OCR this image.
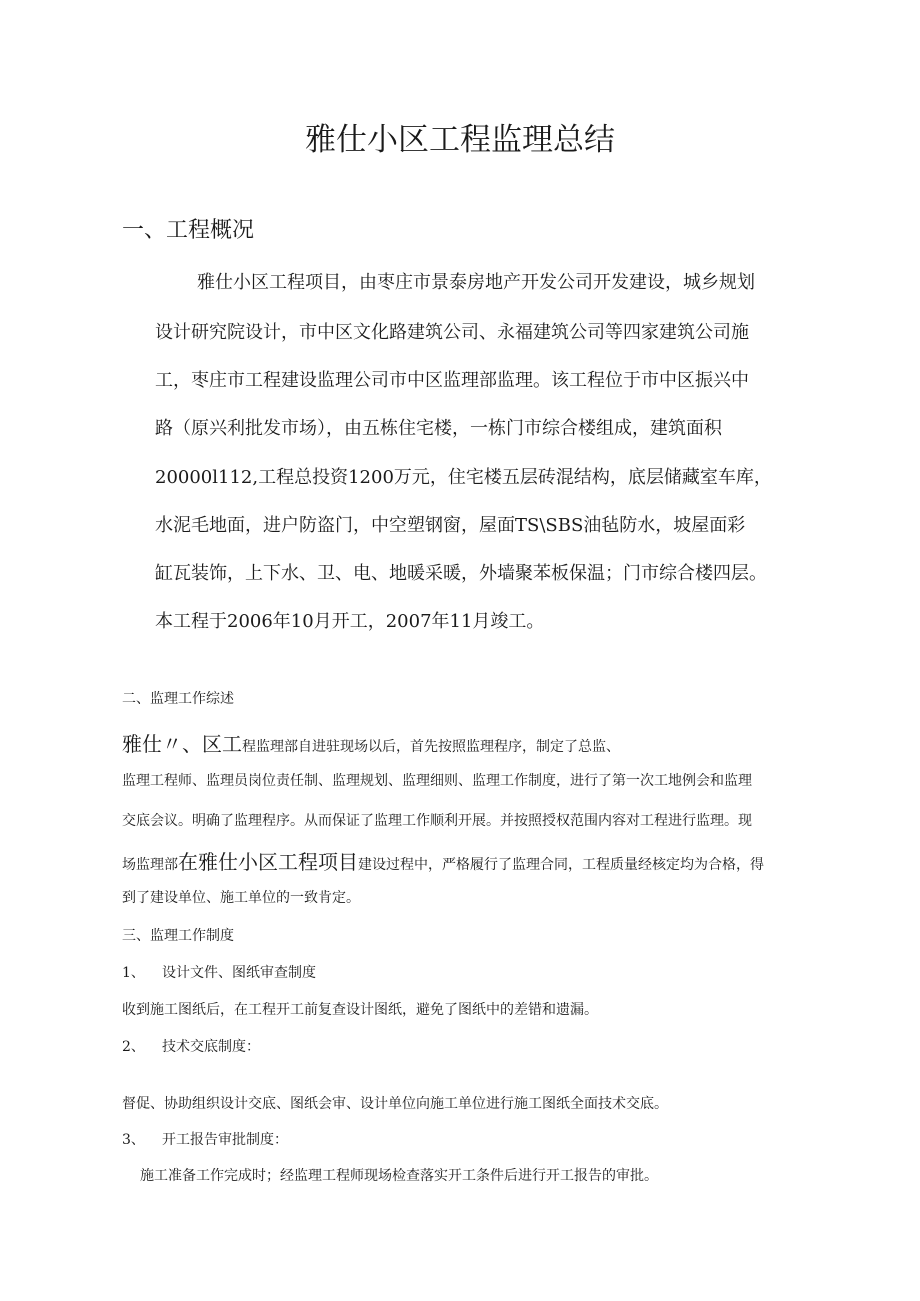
雅仕小区工程监理总结
一、工程概况
雅仕小区工程项目，由枣庄市景泰房地产开发公司开发建设，城乡规划
设计研究院设计，市中区文化路建筑公司、永福建筑公司等四家建筑公司施
工，枣庄市工程建设监理公司市中区监理部监理。该工程位于市中区振兴中
路（原兴利批发市场），由五栋住宅楼，一栋门市综合楼组成，建筑面积
20000l112,工程总投资1200万元，住宅楼五层砖混结构，底层储藏室车库，
水泥毛地面，进户防盗门，中空塑钢窗，屋面TS\SBS油毡防水，坡屋面彩
缸瓦装饰，上下水、卫、电、地暖采暖，外墙聚苯板保温；门市综合楼四层。
本工程于2006年10月开工，2007年11月竣工。
二、监理工作综述
雅仕〃、区工程监理部自进驻现场以后，首先按照监理程序，制定了总监、
监理工程师、监理员岗位责任制、监理规划、监理细则、监理工作制度，进行了第一次工地例会和监理
交底会议。明确了监理程序。从而保证了监理工作顺利开展。并按照授权范围内容对工程进行监理。现
场监理部在雅仕小区工程项目建设过程中，严格履行了监理合同，工程质量经核定均为合格，得
到了建设单位、施工单位的一致肯定。
三、监理工作制度
1、 设计文件、图纸审查制度
收到施工图纸后，在工程开工前复查设计图纸，避免了图纸中的差错和遗漏。
2、 技术交底制度：
督促、协助组织设计交底、图纸会审、设计单位向施工单位进行施工图纸全面技术交底。
3、 开工报告审批制度：
施工准备工作完成时；经监理工程师现场检查落实开工条件后进行开工报告的审批。
